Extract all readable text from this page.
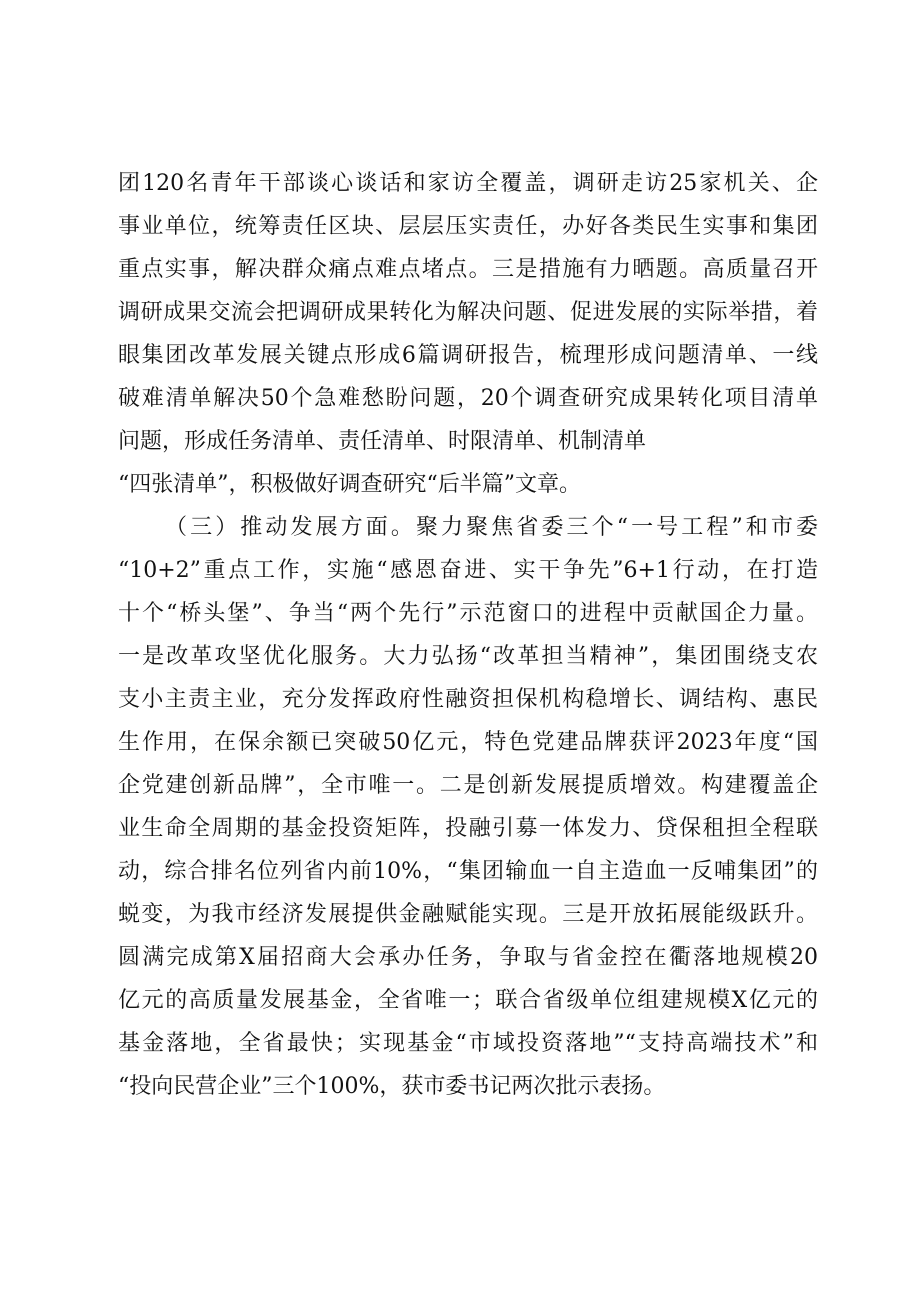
团120名青年干部谈心谈话和家访全覆盖，调研走访25家机关、企
事业单位，统筹责任区块、层层压实责任，办好各类民生实事和集团
重点实事，解决群众痛点难点堵点。三是措施有力晒题。高质量召开
调研成果交流会把调研成果转化为解决问题、促进发展的实际举措，着
眼集团改革发展关键点形成6篇调研报告，梳理形成问题清单、一线
破难清单解决50个急难愁盼问题，20个调查研究成果转化项目清单
问题，形成任务清单、责任清单、时限清单、机制清单
“四张清单”，积极做好调查研究“后半篇”文章。
（三）推动发展方面。聚力聚焦省委三个“一号工程”和市委
“10+2”重点工作，实施“感恩奋进、实干争先”6+1行动，在打造
十个“桥头堡”、争当“两个先行”示范窗口的进程中贡献国企力量。
一是改革攻坚优化服务。大力弘扬“改革担当精神”，集团围绕支农
支小主责主业，充分发挥政府性融资担保机构稳增长、调结构、惠民
生作用，在保余额已突破50亿元，特色党建品牌获评2023年度“国
企党建创新品牌”，全市唯一。二是创新发展提质增效。构建覆盖企
业生命全周期的基金投资矩阵，投融引募一体发力、贷保租担全程联
动，综合排名位列省内前10%，“集团输血一自主造血一反哺集团”的
蜕变，为我市经济发展提供金融赋能实现。三是开放拓展能级跃升。
圆满完成第X届招商大会承办任务，争取与省金控在衢落地规模20
亿元的高质量发展基金，全省唯一；联合省级单位组建规模X亿元的
基金落地，全省最快；实现基金“市域投资落地”“支持高端技术”和
“投向民营企业”三个100%，获市委书记两次批示表扬。
